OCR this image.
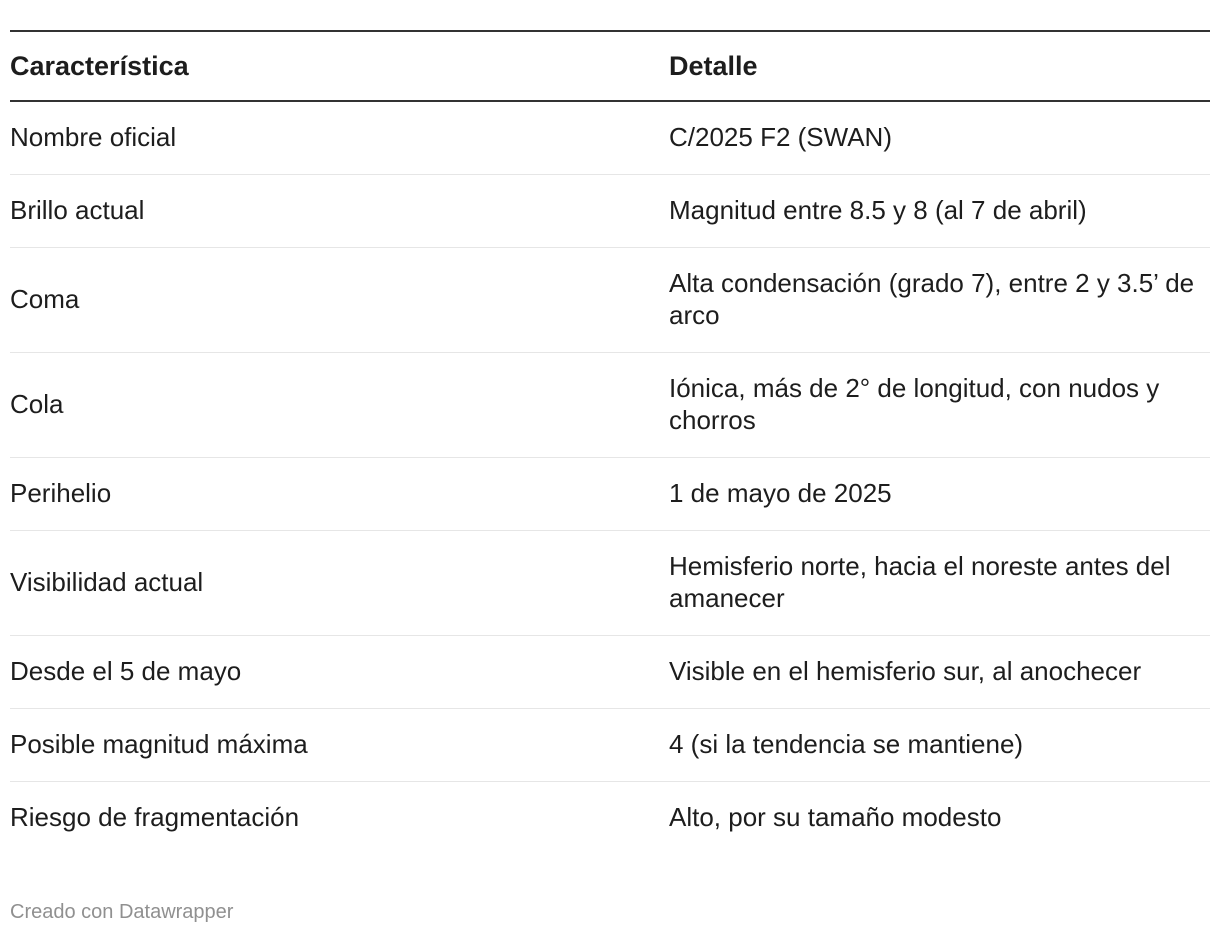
Característica	Detalle
Nombre oficial	C/2025 F2 (SWAN)
Brillo actual	Magnitud entre 8.5 y 8 (al 7 de abril)
Coma	Alta condensación (grado 7), entre 2 y 3.5’ de arco
Cola	Iónica, más de 2° de longitud, con nudos y chorros
Perihelio	1 de mayo de 2025
Visibilidad actual	Hemisferio norte, hacia el noreste antes del amanecer
Desde el 5 de mayo	Visible en el hemisferio sur, al anochecer
Posible magnitud máxima	4 (si la tendencia se mantiene)
Riesgo de fragmentación	Alto, por su tamaño modesto
Creado con Datawrapper
